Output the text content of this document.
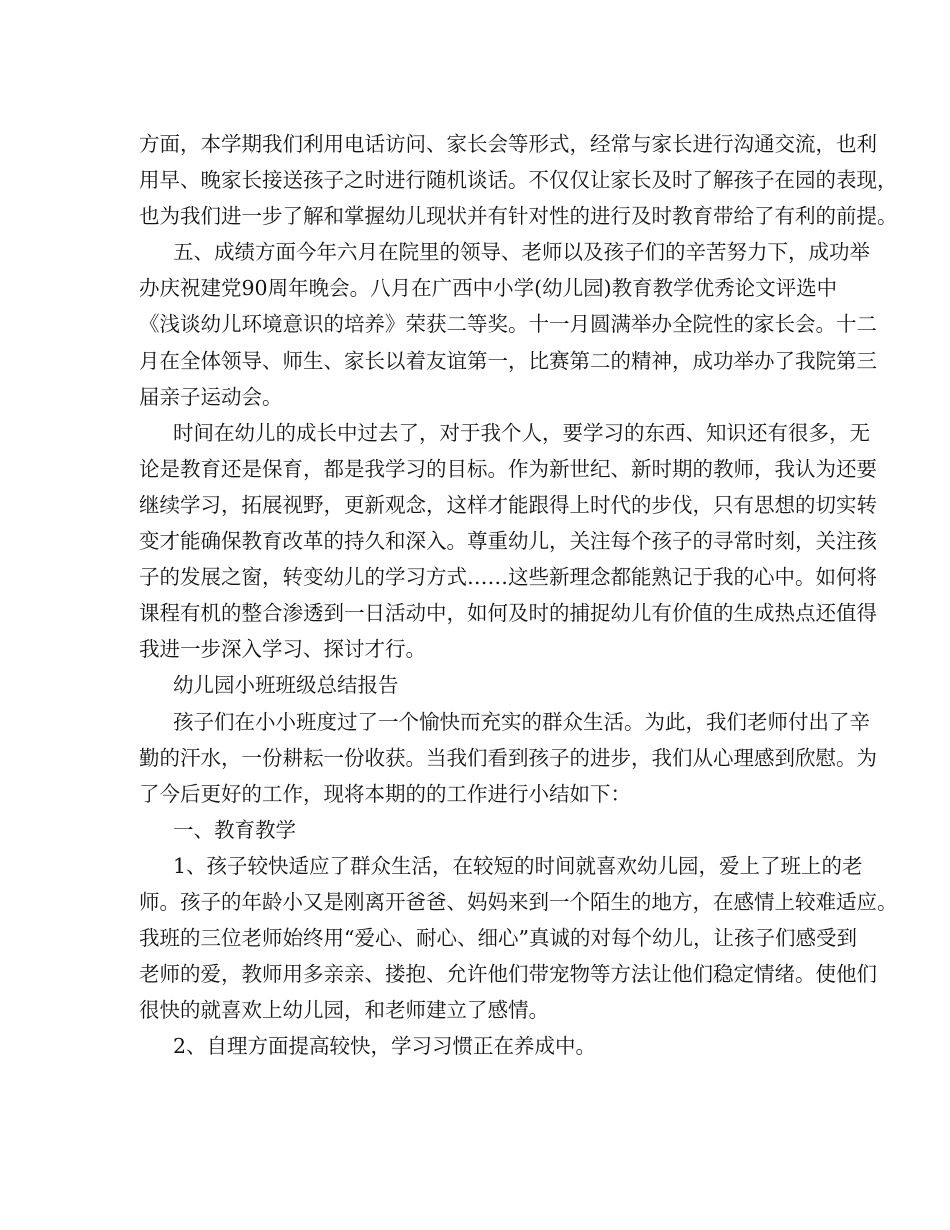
方面，本学期我们利用电话访问、家长会等形式，经常与家长进行沟通交流，也利
用早、晚家长接送孩子之时进行随机谈话。不仅仅让家长及时了解孩子在园的表现，
也为我们进一步了解和掌握幼儿现状并有针对性的进行及时教育带给了有利的前提。
五、成绩方面今年六月在院里的领导、老师以及孩子们的辛苦努力下，成功举
办庆祝建党90周年晚会。八月在广西中小学(幼儿园)教育教学优秀论文评选中
《浅谈幼儿环境意识的培养》荣获二等奖。十一月圆满举办全院性的家长会。十二
月在全体领导、师生、家长以着友谊第一，比赛第二的精神，成功举办了我院第三
届亲子运动会。
时间在幼儿的成长中过去了，对于我个人，要学习的东西、知识还有很多，无
论是教育还是保育，都是我学习的目标。作为新世纪、新时期的教师，我认为还要
继续学习，拓展视野，更新观念，这样才能跟得上时代的步伐，只有思想的切实转
变才能确保教育改革的持久和深入。尊重幼儿，关注每个孩子的寻常时刻，关注孩
子的发展之窗，转变幼儿的学习方式……这些新理念都能熟记于我的心中。如何将
课程有机的整合渗透到一日活动中，如何及时的捕捉幼儿有价值的生成热点还值得
我进一步深入学习、探讨才行。
幼儿园小班班级总结报告
孩子们在小小班度过了一个愉快而充实的群众生活。为此，我们老师付出了辛
勤的汗水，一份耕耘一份收获。当我们看到孩子的进步，我们从心理感到欣慰。为
了今后更好的工作，现将本期的的工作进行小结如下：
一、教育教学
1、孩子较快适应了群众生活，在较短的时间就喜欢幼儿园，爱上了班上的老
师。孩子的年龄小又是刚离开爸爸、妈妈来到一个陌生的地方，在感情上较难适应。
我班的三位老师始终用“爱心、耐心、细心”真诚的对每个幼儿，让孩子们感受到
老师的爱，教师用多亲亲、搂抱、允许他们带宠物等方法让他们稳定情绪。使他们
很快的就喜欢上幼儿园，和老师建立了感情。
2、自理方面提高较快，学习习惯正在养成中。
